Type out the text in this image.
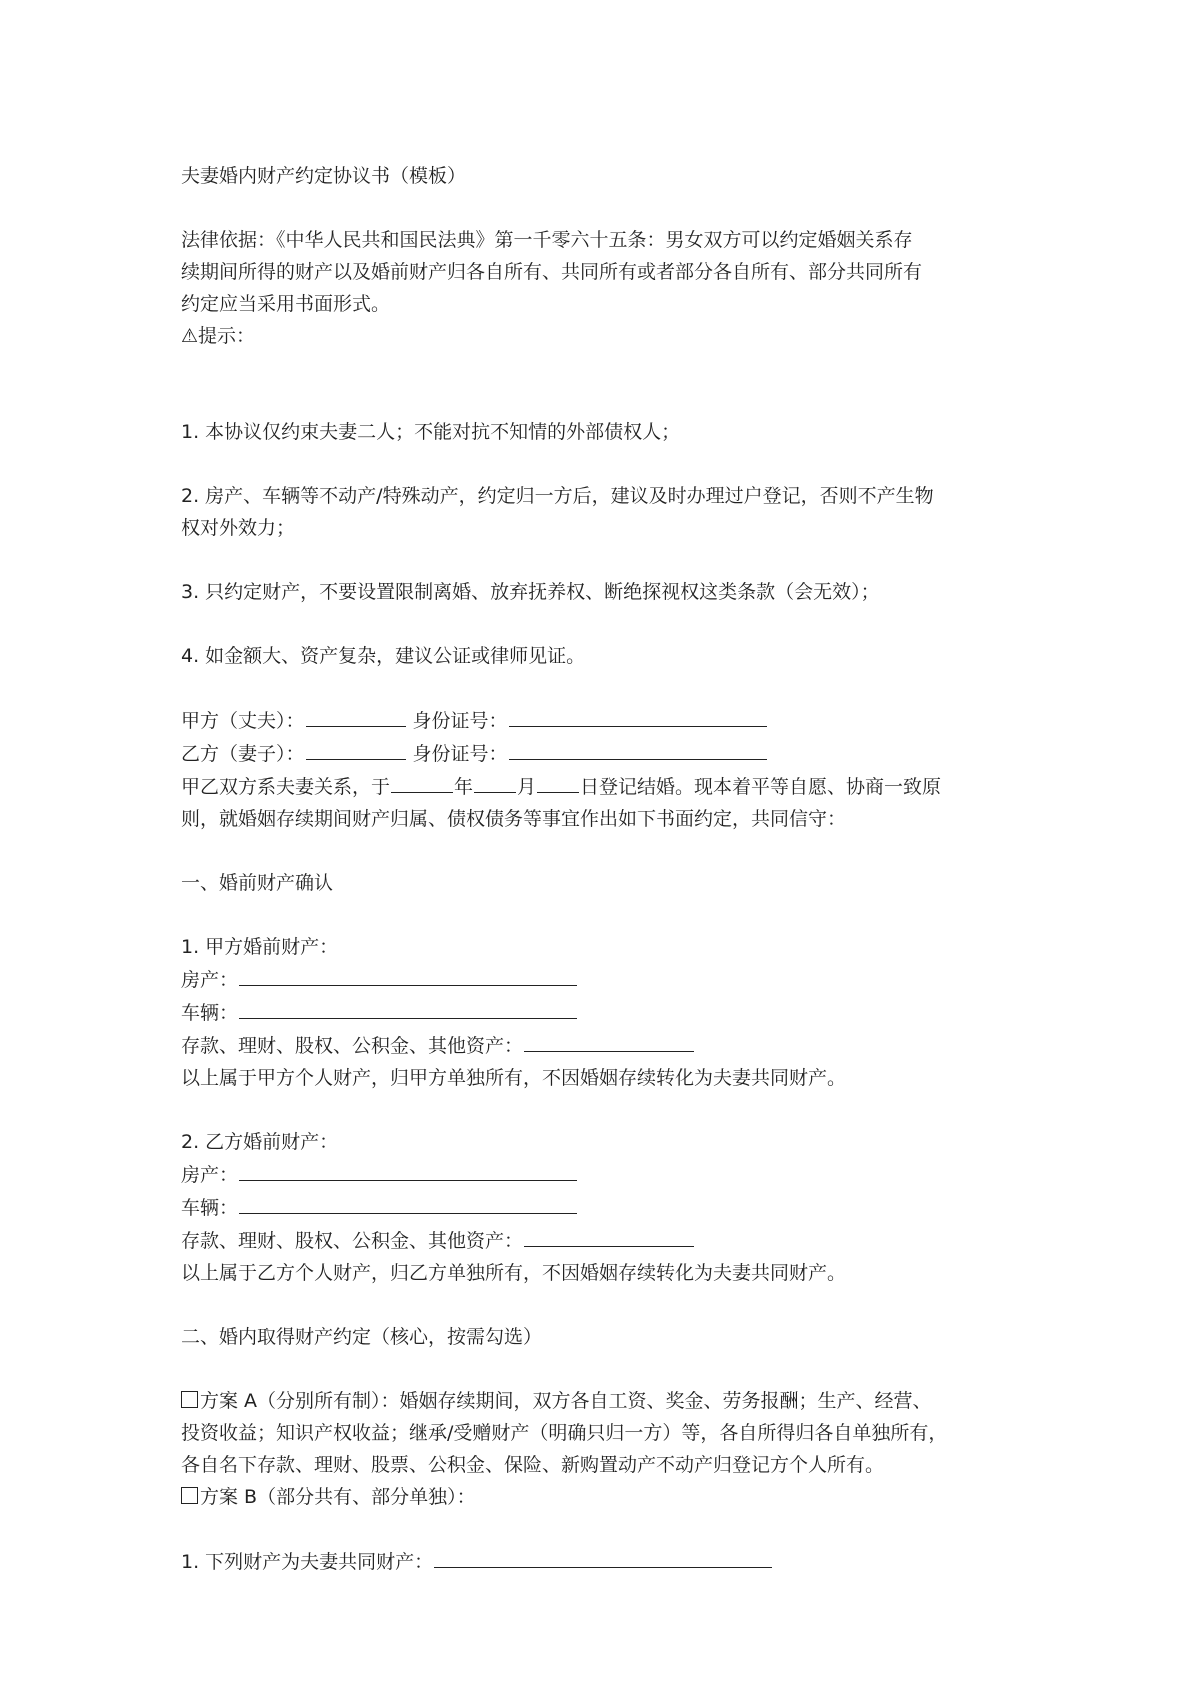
夫妻婚内财产约定协议书（模板）

法律依据：《中华人民共和国民法典》第一千零六十五条：男女双方可以约定婚姻关系存

续期间所得的财产以及婚前财产归各自所有、共同所有或者部分各自所有、部分共同所有

约定应当采用书面形式。

⚠提示：

1. 本协议仅约束夫妻二人；不能对抗不知情的外部债权人；

2. 房产、车辆等不动产/特殊动产，约定归一方后，建议及时办理过户登记，否则不产生物

权对外效力；

3. 只约定财产，不要设置限制离婚、放弃抚养权、断绝探视权这类条款（会无效）；

4. 如金额大、资产复杂，建议公证或律师见证。

甲方（丈夫）：	身份证号：

乙方（妻子）：	身份证号：

甲乙双方系夫妻关系，于	年 月 日登记结婚。现本着平等自愿、协商一致原

则，就婚姻存续期间财产归属、债权债务等事宜作出如下书面约定，共同信守：

一、婚前财产确认

1. 甲方婚前财产：

房产：

车辆：

存款、理财、股权、公积金、其他资产：

以上属于甲方个人财产，归甲方单独所有，不因婚姻存续转化为夫妻共同财产。

2. 乙方婚前财产：

房产：

车辆：

存款、理财、股权、公积金、其他资产：

以上属于乙方个人财产，归乙方单独所有，不因婚姻存续转化为夫妻共同财产。

二、婚内取得财产约定（核心，按需勾选）

方案 A（分别所有制）：婚姻存续期间，双方各自工资、奖金、劳务报酬；生产、经营、

投资收益；知识产权收益；继承/受赠财产（明确只归一方）等，各自所得归各自单独所有，

各自名下存款、理财、股票、公积金、保险、新购置动产不动产归登记方个人所有。

方案 B（部分共有、部分单独）：

1. 下列财产为夫妻共同财产：
